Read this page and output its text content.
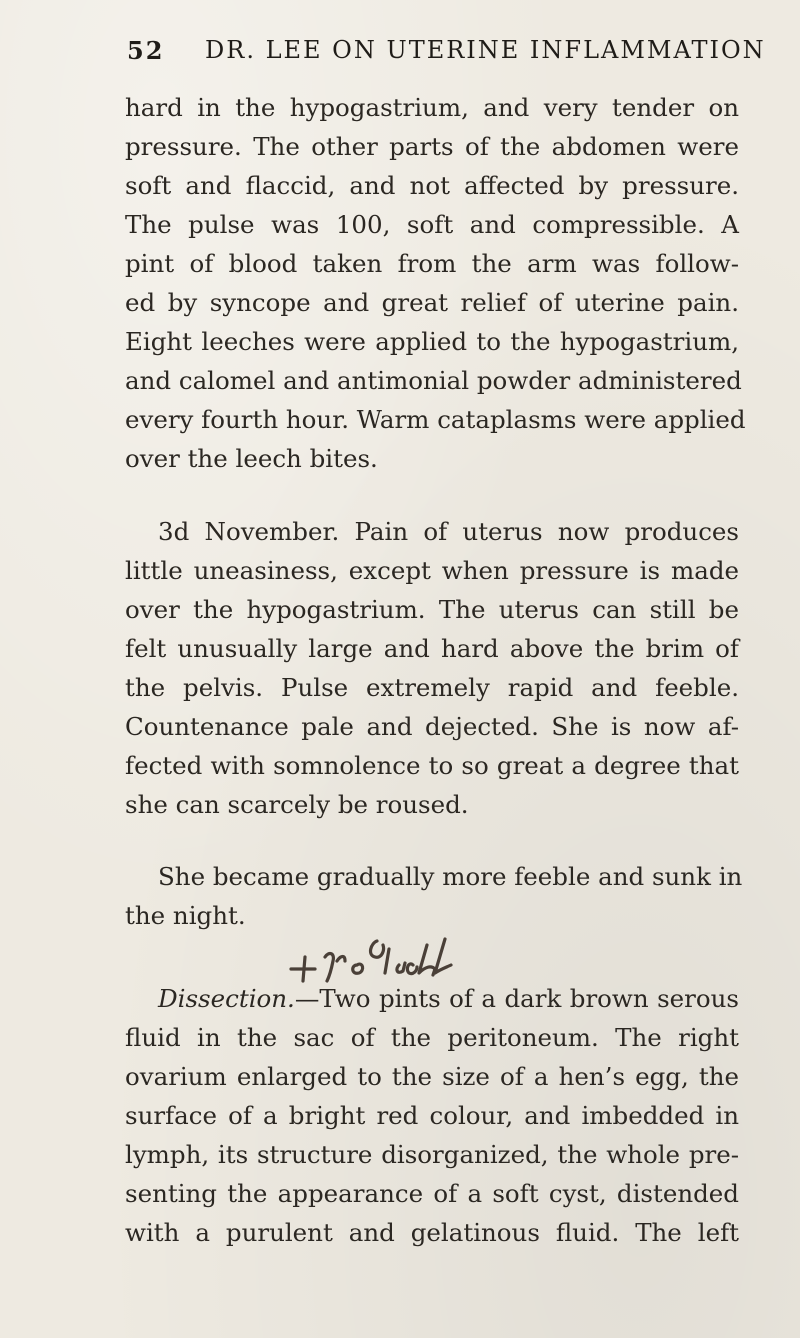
52 DR. LEE ON UTERINE INFLAMMATION

hard in the hypogastrium, and very tender on
pressure. The other parts of the abdomen were
soft and flaccid, and not affected by pressure.
The pulse was 100, soft and compressible. A
pint of blood taken from the arm was follow-
ed by syncope and great relief of uterine pain.
Eight leeches were applied to the hypogastrium,
and calomel and antimonial powder administered
every fourth hour. Warm cataplasms were applied
over the leech bites.

3d November. Pain of uterus now produces
little uneasiness, except when pressure is made
over the hypogastrium. The uterus can still be
felt unusually large and hard above the brim of
the pelvis. Pulse extremely rapid and feeble.
Countenance pale and dejected. She is now af-
fected with somnolence to so great a degree that
she can scarcely be roused.

She became gradually more feeble and sunk in
the night.

Dissection.—Two pints of a dark brown serous
fluid in the sac of the peritoneum. The right
ovarium enlarged to the size of a hen’s egg, the
surface of a bright red colour, and imbedded in
lymph, its structure disorganized, the whole pre-
senting the appearance of a soft cyst, distended
with a purulent and gelatinous fluid. The left
